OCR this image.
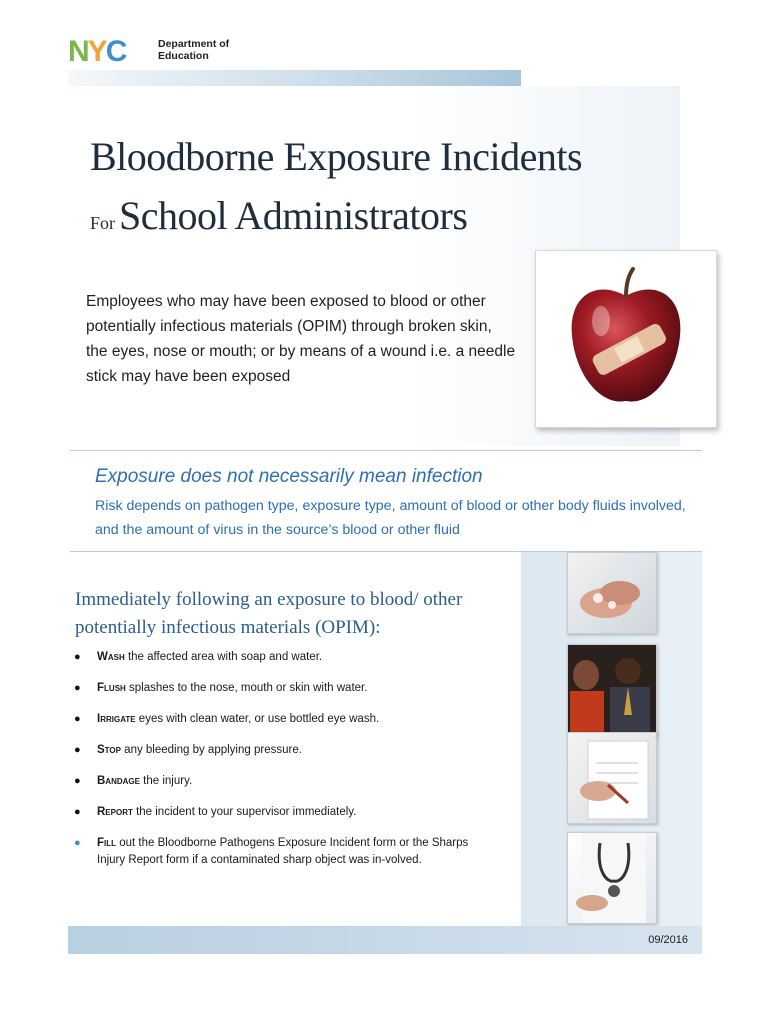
N Y C	Department of
Education
Bloodborne Exposure Incidents
For School Administrators
Employees who may have been exposed to blood or other potentially infectious materials (OPIM) through broken skin, the eyes, nose or mouth; or by means of a wound i.e. a needle stick may have been exposed
Exposure does not necessarily mean infection
Risk depends on pathogen type, exposure type, amount of blood or other body fluids involved, and the amount of virus in the source’s blood or other fluid
Immediately following an exposure to blood/ other potentially infectious materials (OPIM):
● Wash the affected area with soap and water.
● Flush splashes to the nose, mouth or skin with water.
● Irrigate eyes with clean water, or use bottled eye wash.
● Stop any bleeding by applying pressure.
● Bandage the injury.
● Report the incident to your supervisor immediately.
● Fill out the Bloodborne Pathogens Exposure Incident form or the Sharps Injury Report form if a contaminated sharp object was in-volved.
09/2016
